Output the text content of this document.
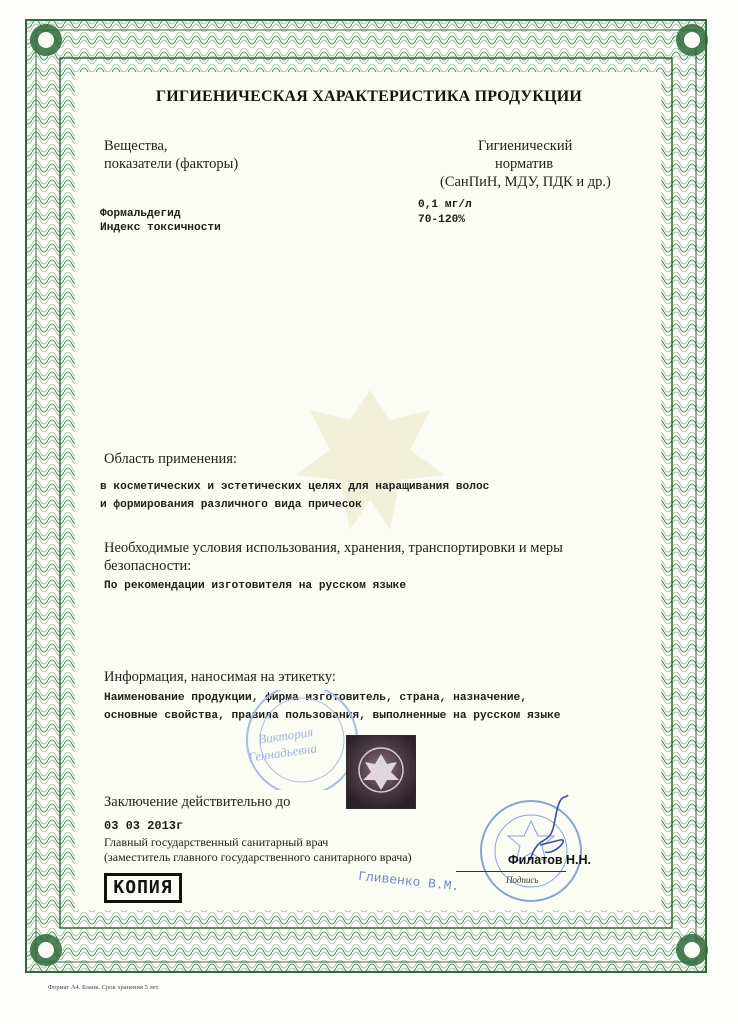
ГИГИЕНИЧЕСКАЯ ХАРАКТЕРИСТИКА ПРОДУКЦИИ
Вещества,
показатели (факторы)
Гигиенический
норматив
(СанПиН, МДУ, ПДК и др.)
Формальдегид
Индекс токсичности
0,1 мг/л
70-120%
Область применения:
в косметических и эстетических целях для наращивания волос
и формирования различного вида причесок
Необходимые условия использования, хранения, транспортировки и меры
безопасности:
По рекомендации изготовителя на русском языке
Информация, наносимая на этикетку:
Наименование продукции, фирма изготовитель, страна, назначение,
основные свойства, правила пользования, выполненные на русском языке
Виктория
Геннадьевна
Заключение действительно до
03 03 2013г
Главный государственный санитарный врач
(заместитель главного государственного санитарного врача)	Филатов Н.Н.
Подпись
Гливенко В.М.
КОПИЯ
Формат А4. Бланк. Срок хранения 5 лет.
